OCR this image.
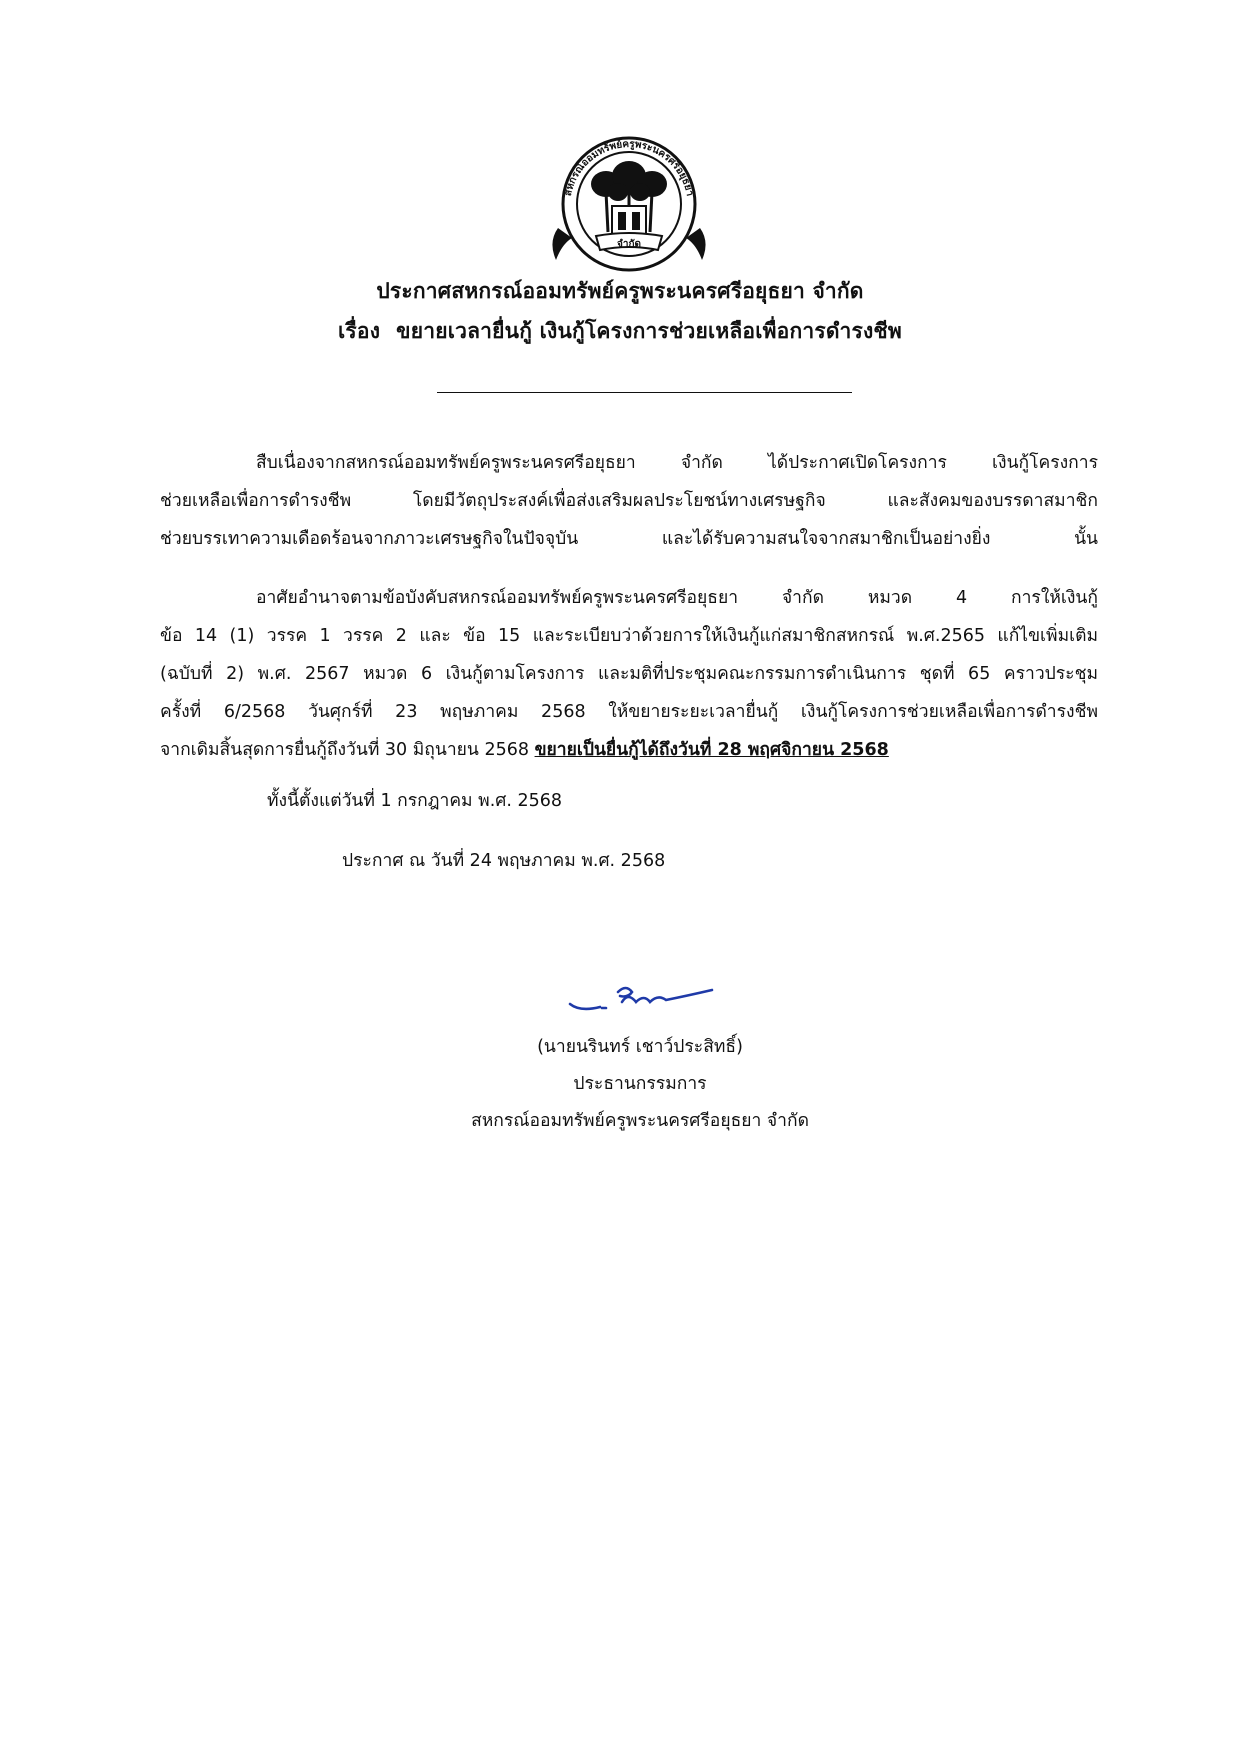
สหกรณ์ออมทรัพย์ครูพระนครศรีอยุธยา
จำกัด
ประกาศสหกรณ์ออมทรัพย์ครูพระนครศรีอยุธยา จำกัด
เรื่อง ขยายเวลายื่นกู้ เงินกู้โครงการช่วยเหลือเพื่อการดำรงชีพ
สืบเนื่องจากสหกรณ์ออมทรัพย์ครูพระนครศรีอยุธยา จำกัด ได้ประกาศเปิดโครงการ เงินกู้โครงการ
ช่วยเหลือเพื่อการดำรงชีพ โดยมีวัตถุประสงค์เพื่อส่งเสริมผลประโยชน์ทางเศรษฐกิจ และสังคมของบรรดาสมาชิก
ช่วยบรรเทาความเดือดร้อนจากภาวะเศรษฐกิจในปัจจุบัน และได้รับความสนใจจากสมาชิกเป็นอย่างยิ่ง นั้น
อาศัยอำนาจตามข้อบังคับสหกรณ์ออมทรัพย์ครูพระนครศรีอยุธยา จำกัด หมวด 4 การให้เงินกู้
ข้อ 14 (1) วรรค 1 วรรค 2 และ ข้อ 15 และระเบียบว่าด้วยการให้เงินกู้แก่สมาชิกสหกรณ์ พ.ศ.2565 แก้ไขเพิ่มเติม
(ฉบับที่ 2) พ.ศ. 2567 หมวด 6 เงินกู้ตามโครงการ และมติที่ประชุมคณะกรรมการดำเนินการ ชุดที่ 65 คราวประชุม
ครั้งที่ 6/2568 วันศุกร์ที่ 23 พฤษภาคม 2568 ให้ขยายระยะเวลายื่นกู้ เงินกู้โครงการช่วยเหลือเพื่อการดำรงชีพ
จากเดิมสิ้นสุดการยื่นกู้ถึงวันที่ 30 มิถุนายน 2568 ขยายเป็นยื่นกู้ได้ถึงวันที่ 28 พฤศจิกายน 2568
ทั้งนี้ตั้งแต่วันที่ 1 กรกฎาคม พ.ศ. 2568
ประกาศ ณ วันที่ 24 พฤษภาคม พ.ศ. 2568
(นายนรินทร์ เชาว์ประสิทธิ์)
ประธานกรรมการ
สหกรณ์ออมทรัพย์ครูพระนครศรีอยุธยา จำกัด
